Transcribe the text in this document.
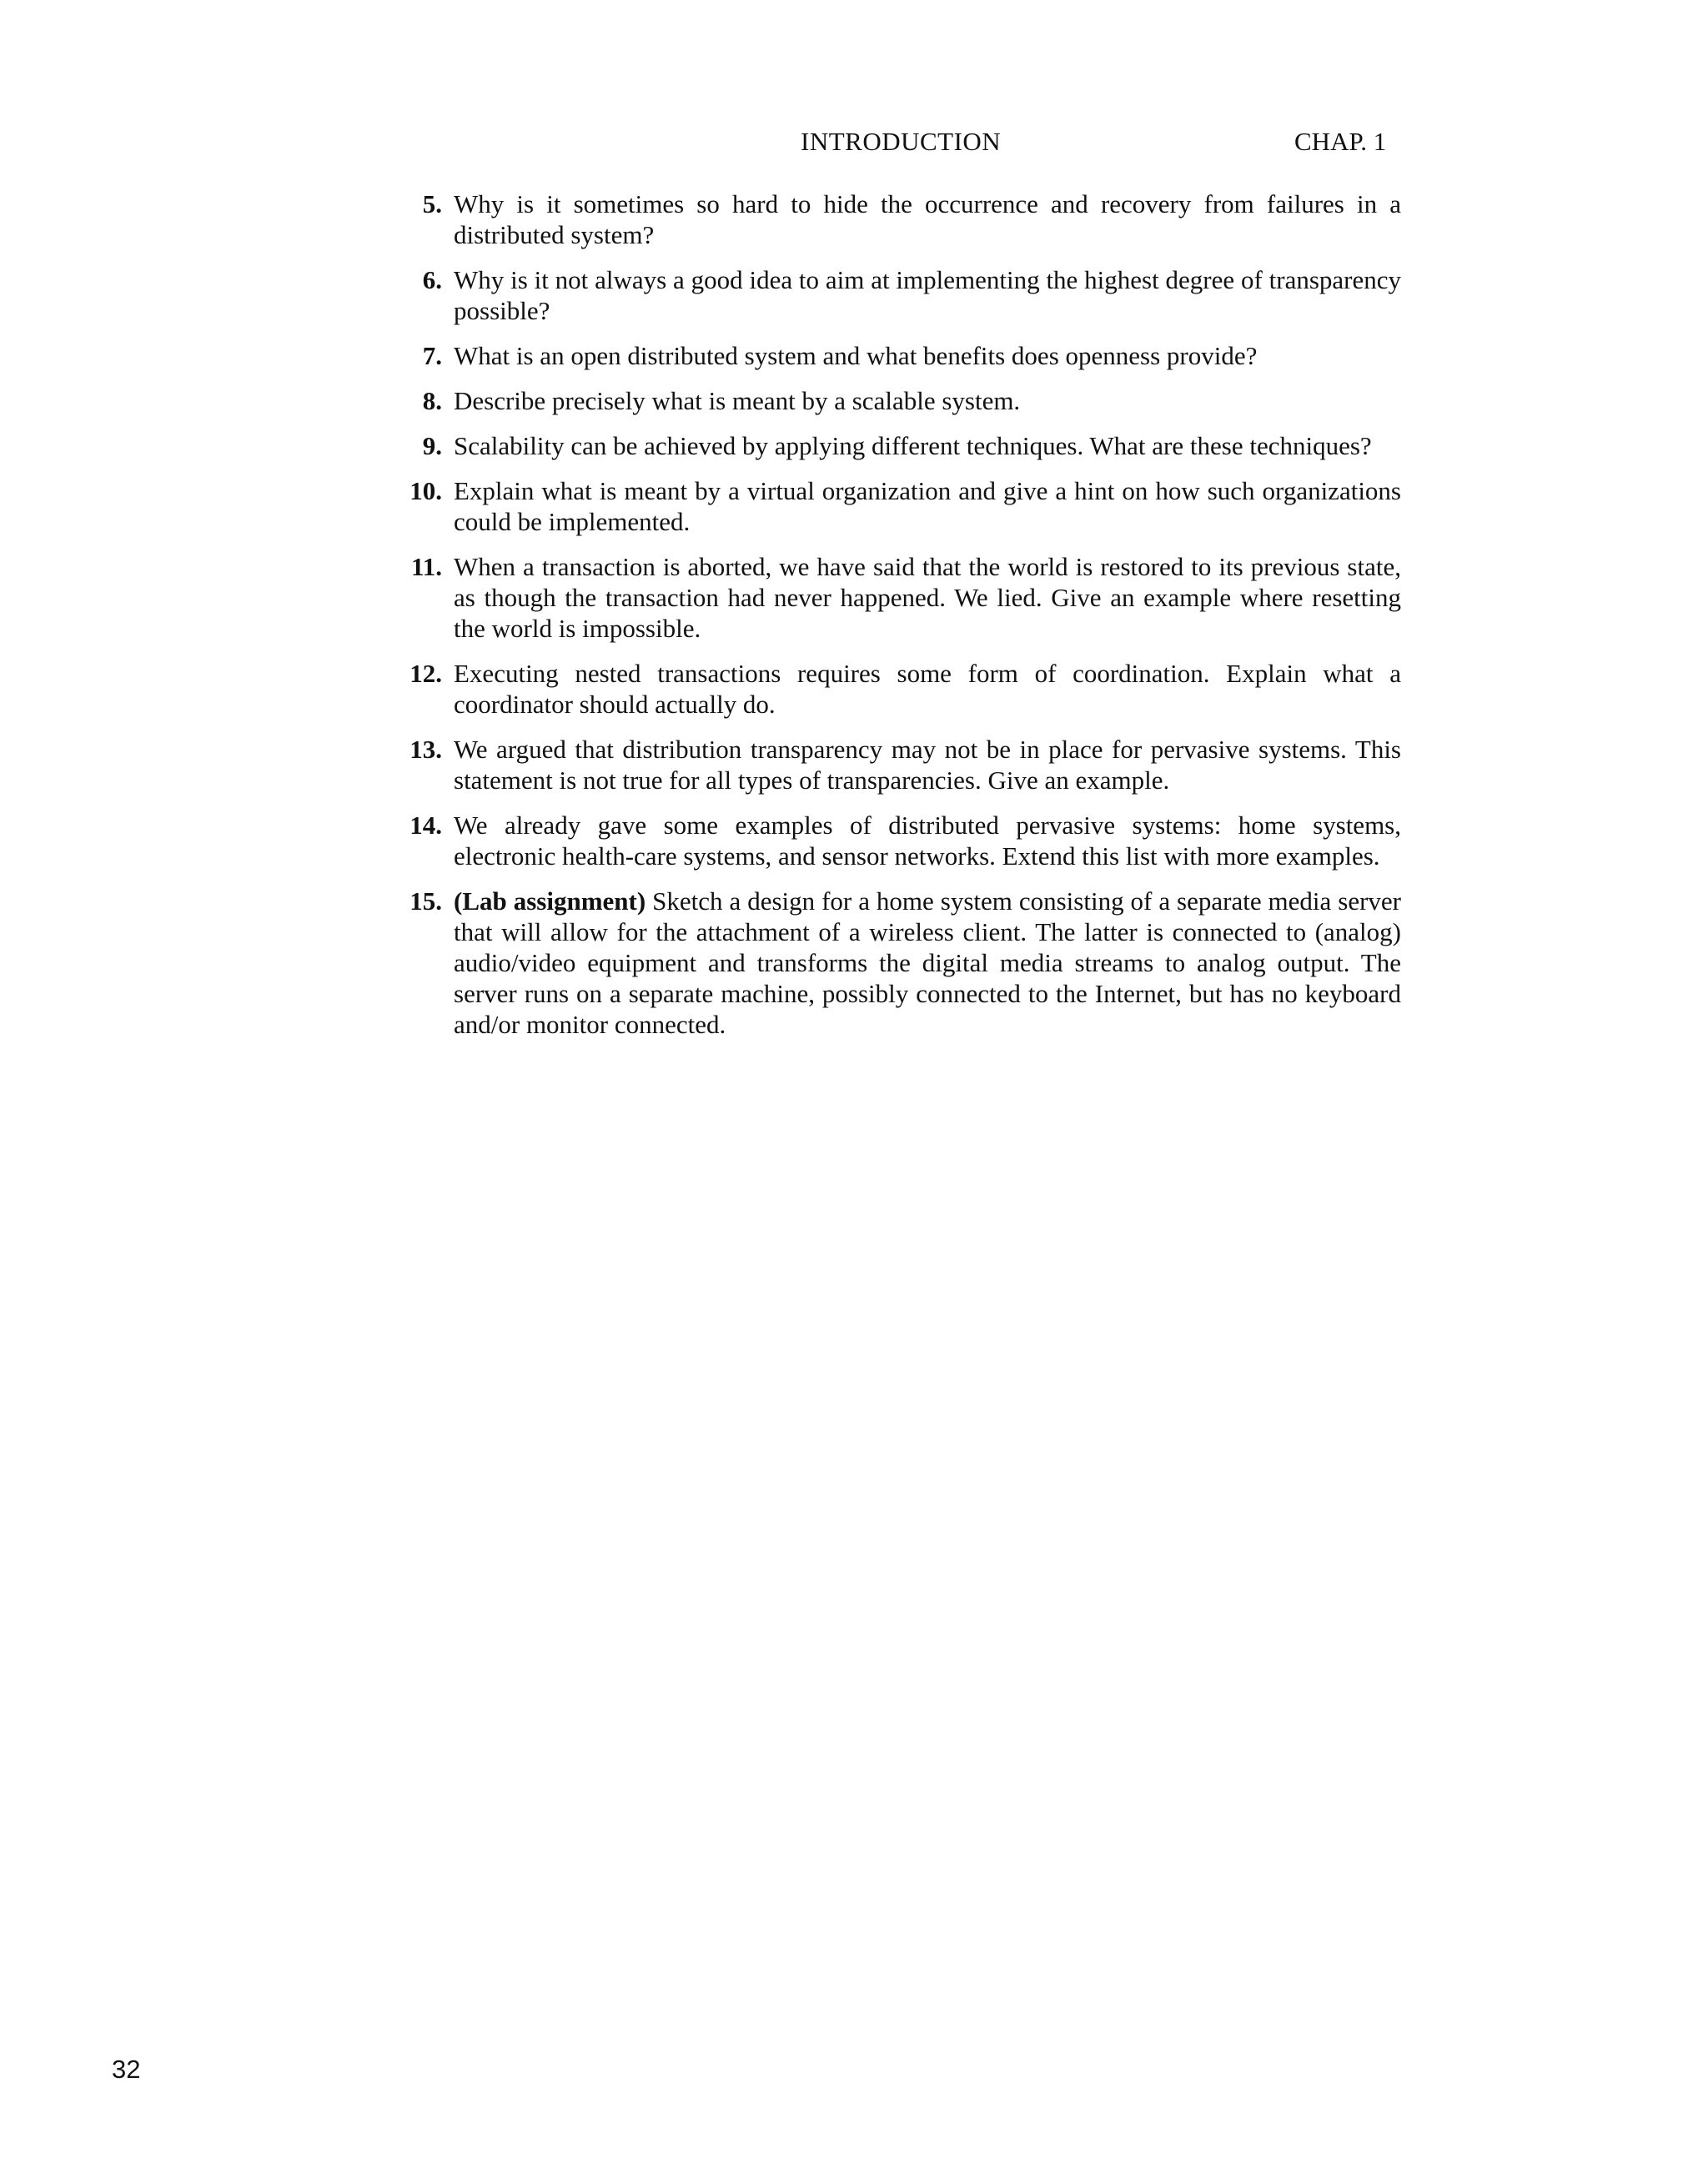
INTRODUCTION	CHAP. 1
5. Why is it sometimes so hard to hide the occurrence and recovery from failures in a distributed system?
6. Why is it not always a good idea to aim at implementing the highest degree of transparency possible?
7. What is an open distributed system and what benefits does openness provide?
8. Describe precisely what is meant by a scalable system.
9. Scalability can be achieved by applying different techniques. What are these techniques?
10. Explain what is meant by a virtual organization and give a hint on how such organizations could be implemented.
11. When a transaction is aborted, we have said that the world is restored to its previous state, as though the transaction had never happened. We lied. Give an example where resetting the world is impossible.
12. Executing nested transactions requires some form of coordination. Explain what a coordinator should actually do.
13. We argued that distribution transparency may not be in place for pervasive systems. This statement is not true for all types of transparencies. Give an example.
14. We already gave some examples of distributed pervasive systems: home systems, electronic health-care systems, and sensor networks. Extend this list with more examples.
15. (Lab assignment) Sketch a design for a home system consisting of a separate media server that will allow for the attachment of a wireless client. The latter is connected to (analog) audio/video equipment and transforms the digital media streams to analog output. The server runs on a separate machine, possibly connected to the Internet, but has no keyboard and/or monitor connected.
32
